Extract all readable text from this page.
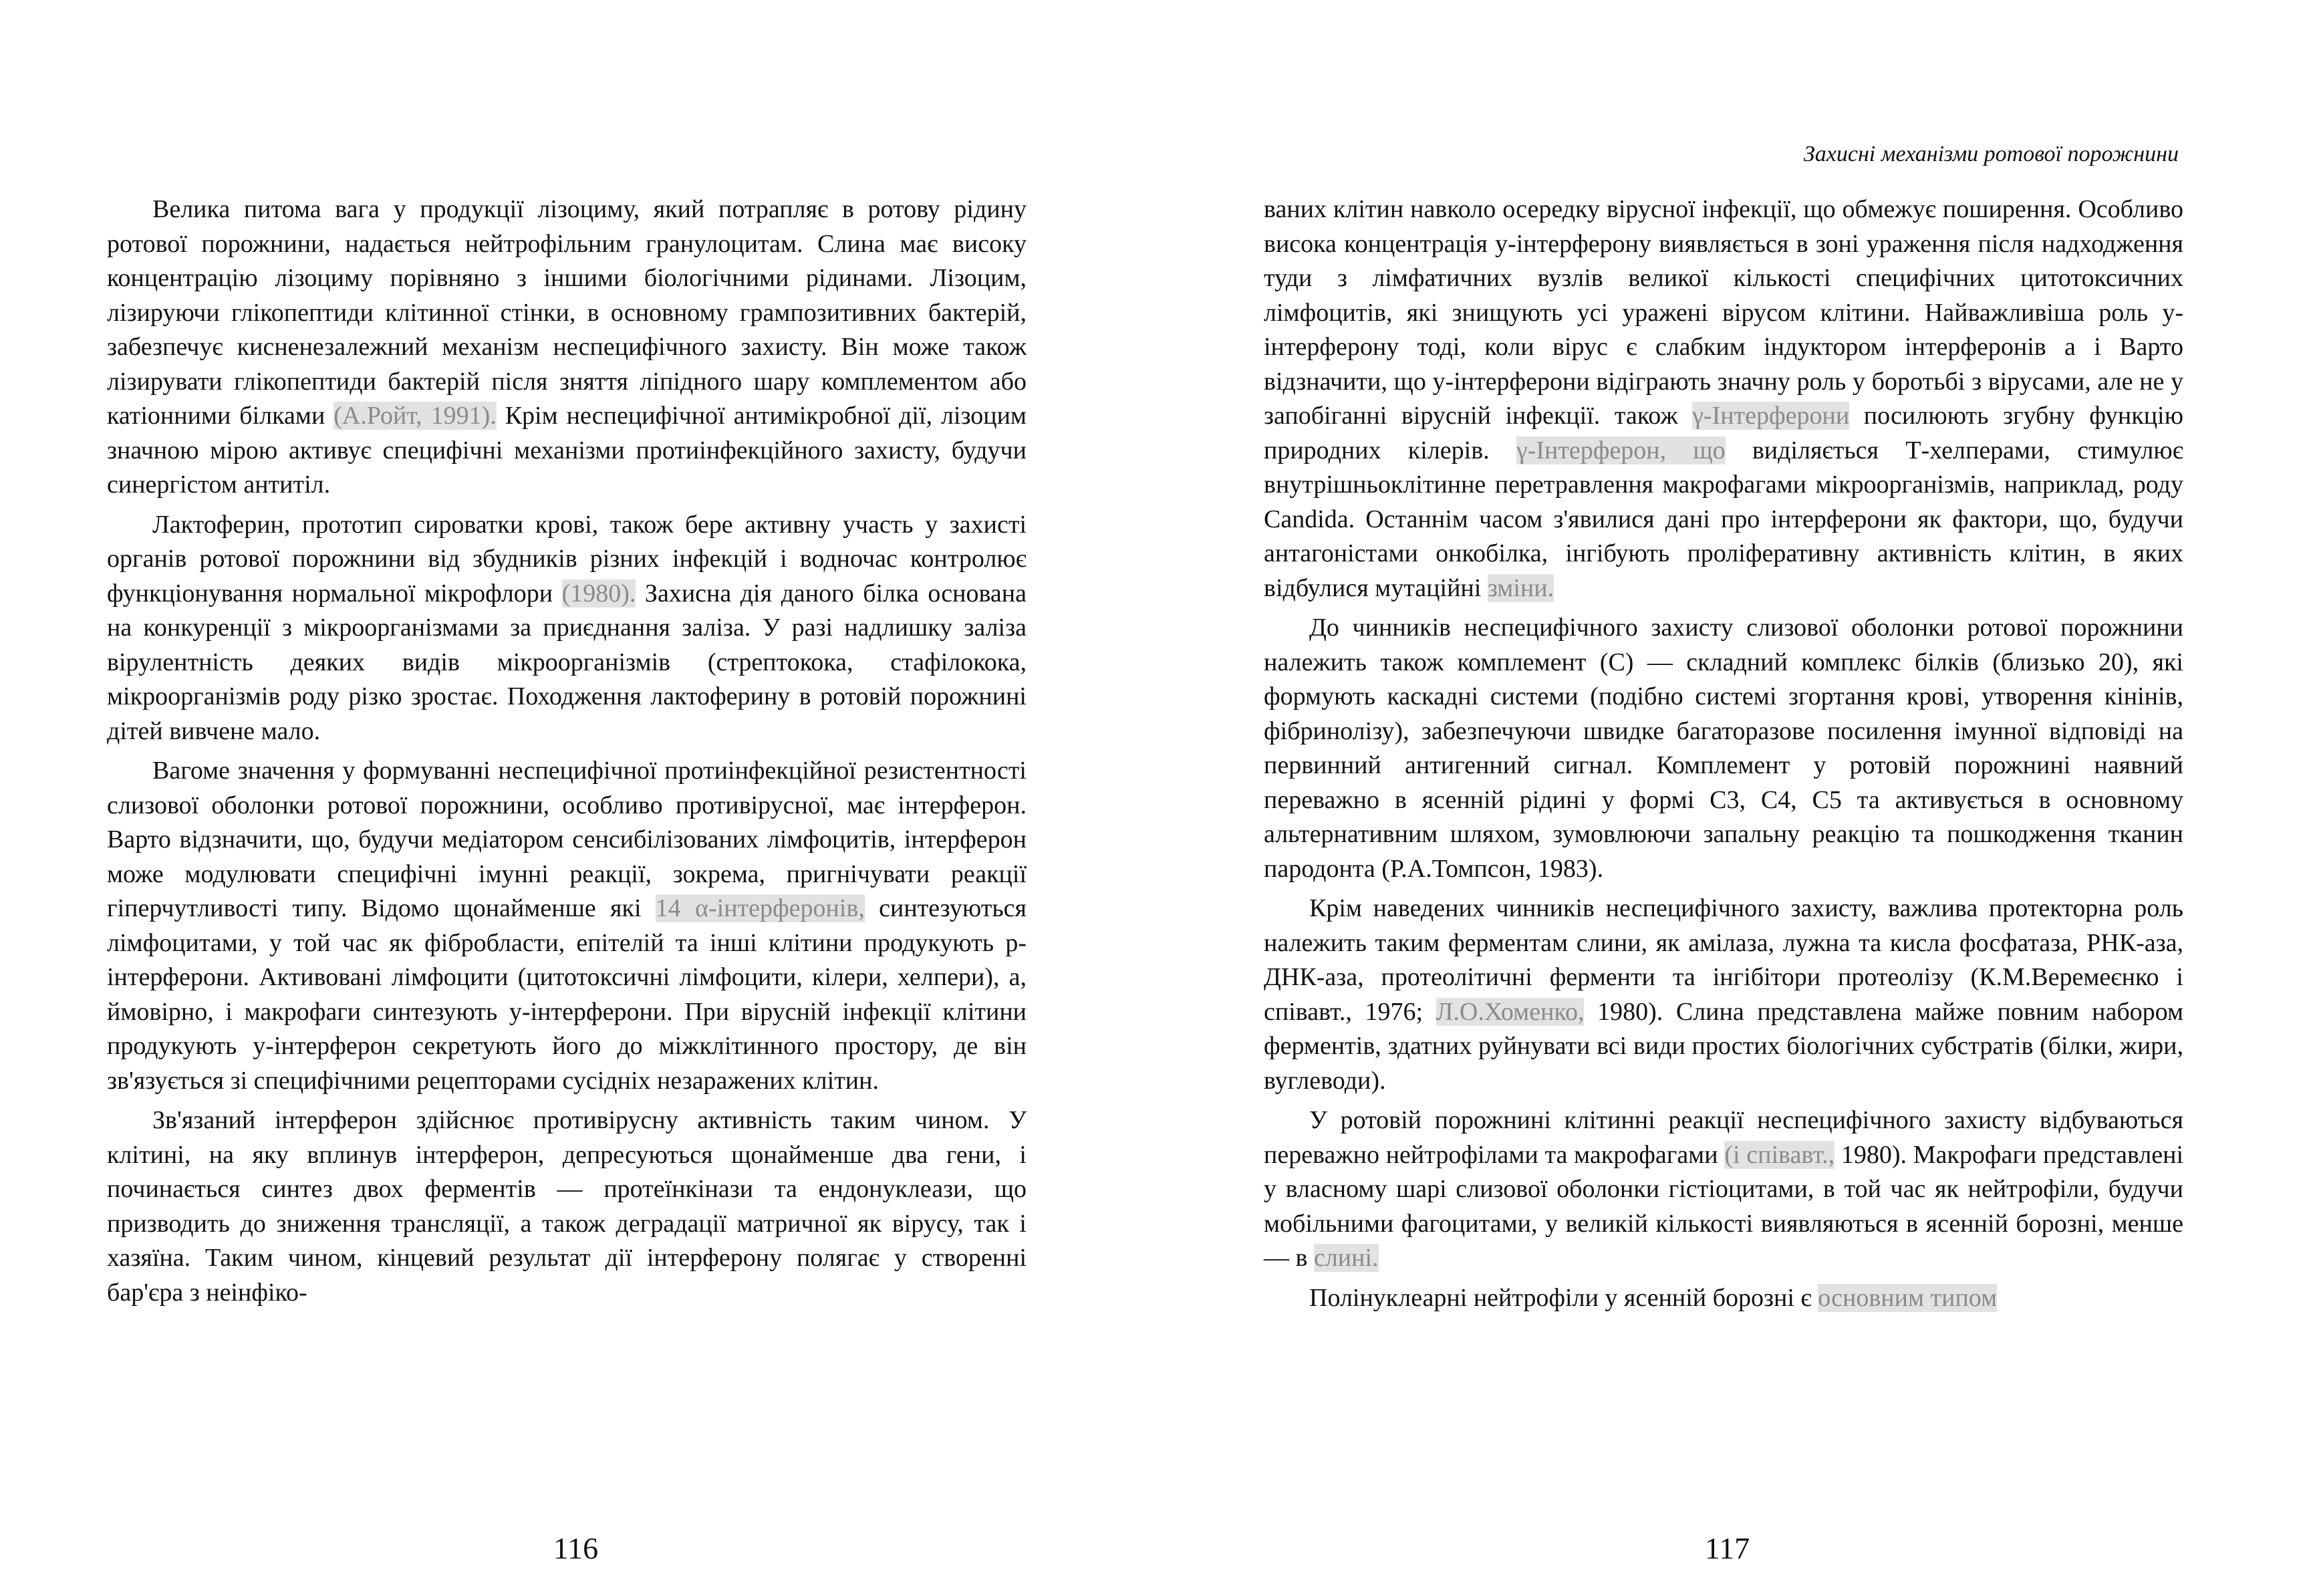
Велика питома вага у продукції лізоциму, який потрапляє в ротову рідину ротової порожнини, надається нейтрофільним гранулоцитам. Слина має високу концентрацію лізоциму порівняно з іншими біологічними рідинами. Лізоцим, лізируючи глікопептиди клітинної стінки, в основному грампозитивних бактерій, забезпечує кисненезалежний механізм неспецифічного захисту. Він може також лізирувати глікопептиди бактерій після зняття ліпідного шару комплементом або катіонними білками (А.Ройт, 1991). Крім неспецифічної антимікробної дії, лізоцим значною мірою активує специфічні механізми протиінфекційного захисту, будучи синергістом антитіл.

Лактоферин, прототип сироватки крові, також бере активну участь у захисті органів ротової порожнини від збудників різних інфекцій і водночас контролює функціонування нормальної мікрофлори (1980). Захисна дія даного білка основана на конкуренції з мікроорганізмами за приєднання заліза. У разі надлишку заліза вірулентність деяких видів мікроорганізмів (стрептокока, стафілокока, мікроорганізмів роду різко зростає. Походження лактоферину в ротовій порожнині дітей вивчене мало.

Вагоме значення у формуванні неспецифічної протиінфекційної резистентності слизової оболонки ротової порожнини, особливо противірусної, має інтерферон. Варто відзначити, що, будучи медіатором сенсибілізованих лімфоцитів, інтерферон може модулювати специфічні імунні реакції, зокрема, пригнічувати реакції гіперчутливості типу. Відомо щонайменше які 14 α-інтерферонів, синтезуються лімфоцитами, у той час як фібробласти, епітелій та інші клітини продукують р-інтерферони. Активовані лімфоцити (цитотоксичні лімфоцити, кілери, хелпери), а, ймовірно, і макрофаги синтезують у-інтерферони. При вірусній інфекції клітини продукують у-інтерферон секретують його до міжклітинного простору, де він зв'язується зі специфічними рецепторами сусідніх незаражених клітин.

Зв'язаний інтерферон здійснює противірусну активність таким чином. У клітині, на яку вплинув інтерферон, депресуються щонайменше два гени, і починається синтез двох ферментів — протеїнкінази та ендонуклеази, що призводить до зниження трансляції, а також деградації матричної як вірусу, так і хазяїна. Таким чином, кінцевий результат дії інтерферону полягає у створенні бар'єра з неінфіко-

116
Захисні механізми ротової порожнини

ваних клітин навколо осередку вірусної інфекції, що обмежує поширення. Особливо висока концентрація у-інтерферону виявляється в зоні ураження після надходження туди з лімфатичних вузлів великої кількості специфічних цитотоксичних лімфоцитів, які знищують усі уражені вірусом клітини. Найважливіша роль у-інтерферону тоді, коли вірус є слабким індуктором інтерферонів а і Варто відзначити, що у-інтерферони відіграють значну роль у боротьбі з вірусами, але не у запобіганні вірусній інфекції. також γ-Інтерферони посилюють згубну функцію природних кілерів. γ-Інтерферон, що виділяється Т-хелперами, стимулює внутрішньоклітинне перетравлення макрофагами мікроорганізмів, наприклад, роду Candida. Останнім часом з'явилися дані про інтерферони як фактори, що, будучи антагоністами онкобілка, інгібують проліферативну активність клітин, в яких відбулися мутаційні зміни.

До чинників неспецифічного захисту слизової оболонки ротової порожнини належить також комплемент (С) — складний комплекс білків (близько 20), які формують каскадні системи (подібно системі згортання крові, утворення кінінів, фібринолізу), забезпечуючи швидке багаторазове посилення імунної відповіді на первинний антигенний сигнал. Комплемент у ротовій порожнині наявний переважно в ясенній рідині у формі С3, С4, С5 та активується в основному альтернативним шляхом, зумовлюючи запальну реакцію та пошкодження тканин пародонта (Р.А.Томпсон, 1983).

Крім наведених чинників неспецифічного захисту, важлива протекторна роль належить таким ферментам слини, як амілаза, лужна та кисла фосфатаза, РНК-аза, ДНК-аза, протеолітичні ферменти та інгібітори протеолізу (К.М.Веремеєнко і співавт., 1976; Л.О.Хоменко, 1980). Слина представлена майже повним набором ферментів, здатних руйнувати всі види простих біологічних субстратів (білки, жири, вуглеводи).

У ротовій порожнині клітинні реакції неспецифічного захисту відбуваються переважно нейтрофілами та макрофагами (і співавт., 1980). Макрофаги представлені у власному шарі слизової оболонки гістіоцитами, в той час як нейтрофіли, будучи мобільними фагоцитами, у великій кількості виявляються в ясенній борозні, менше — в слині.

Полінуклеарні нейтрофіли у ясенній борозні є основним типом

117
